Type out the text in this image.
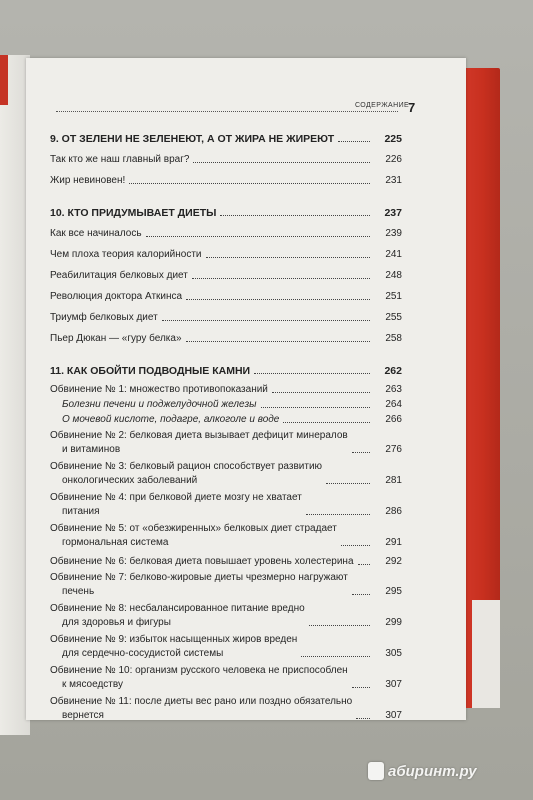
СОДЕРЖАНИЕ
7
9. ОТ ЗЕЛЕНИ НЕ ЗЕЛЕНЕЮТ, А ОТ ЖИРА НЕ ЖИРЕЮТ	225
Так кто же наш главный враг?	226
Жир невиновен!	231
10. КТО ПРИДУМЫВАЕТ ДИЕТЫ	237
Как все начиналось	239
Чем плоха теория калорийности	241
Реабилитация белковых диет	248
Революция доктора Аткинса	251
Триумф белковых диет	255
Пьер Дюкан — «гуру белка»	258
11. КАК ОБОЙТИ ПОДВОДНЫЕ КАМНИ	262
Обвинение № 1: множество противопоказаний	263
Болезни печени и поджелудочной железы	264
О мочевой кислоте, подагре, алкоголе и воде	266
Обвинение № 2: белковая диета вызывает дефицит минералов
и витаминов	276
Обвинение № 3: белковый рацион способствует развитию
онкологических заболеваний	281
Обвинение № 4: при белковой диете мозгу не хватает
питания	286
Обвинение № 5: от «обезжиренных» белковых диет страдает
гормональная система	291
Обвинение № 6: белковая диета повышает уровень холестерина	292
Обвинение № 7: белково-жировые диеты чрезмерно нагружают
печень	295
Обвинение № 8: несбалансированное питание вредно
для здоровья и фигуры	299
Обвинение № 9: избыток насыщенных жиров вреден
для сердечно-сосудистой системы	305
Обвинение № 10: организм русского человека не приспособлен
к мясоедству	307
Обвинение № 11: после диеты вес рано или поздно обязательно
вернется	307
абиринт.ру
